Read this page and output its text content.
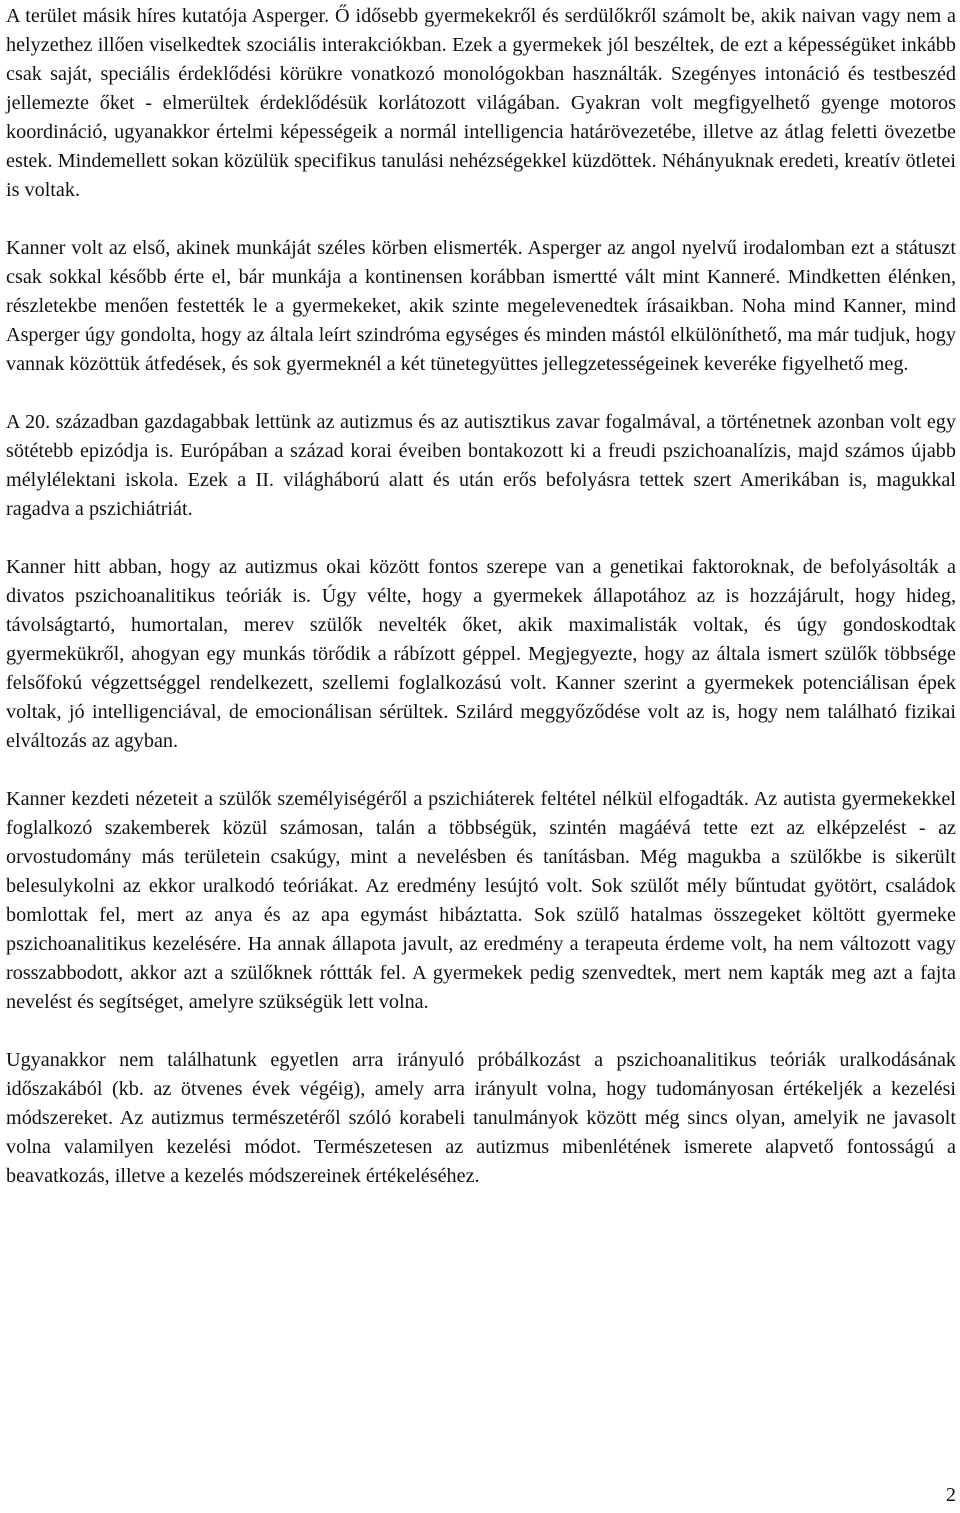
A terület másik híres kutatója Asperger. Ő idősebb gyermekekről és serdülőkről számolt be, akik naivan vagy nem a helyzethez illően viselkedtek szociális interakciókban. Ezek a gyermekek jól beszéltek, de ezt a képességüket inkább csak saját, speciális érdeklődési körükre vonatkozó monológokban használták. Szegényes intonáció és testbeszéd jellemezte őket - elmerültek érdeklődésük korlátozott világában. Gyakran volt megfigyelhető gyenge motoros koordináció, ugyanakkor értelmi képességeik a normál intelligencia határövezetébe, illetve az átlag feletti övezetbe estek. Mindemellett sokan közülük specifikus tanulási nehézségekkel küzdöttek. Néhányuknak eredeti, kreatív ötletei is voltak.

Kanner volt az első, akinek munkáját széles körben elismerték. Asperger az angol nyelvű irodalomban ezt a státuszt csak sokkal később érte el, bár munkája a kontinensen korábban ismertté vált mint Kanneré. Mindketten élénken, részletekbe menően festették le a gyermekeket, akik szinte megelevenedtek írásaikban. Noha mind Kanner, mind Asperger úgy gondolta, hogy az általa leírt szindróma egységes és minden mástól elkülöníthető, ma már tudjuk, hogy vannak közöttük átfedések, és sok gyermeknél a két tünetegyüttes jellegzetességeinek keveréke figyelhető meg.

A 20. században gazdagabbak lettünk az autizmus és az autisztikus zavar fogalmával, a történetnek azonban volt egy sötétebb epizódja is. Európában a század korai éveiben bontakozott ki a freudi pszichoanalízis, majd számos újabb mélylélektani iskola. Ezek a II. világháború alatt és után erős befolyásra tettek szert Amerikában is, magukkal ragadva a pszichiátriát.

Kanner hitt abban, hogy az autizmus okai között fontos szerepe van a genetikai faktoroknak, de befolyásolták a divatos pszichoanalitikus teóriák is. Úgy vélte, hogy a gyermekek állapotához az is hozzájárult, hogy hideg, távolságtartó, humortalan, merev szülők nevelték őket, akik maximalisták voltak, és úgy gondoskodtak gyermekükről, ahogyan egy munkás törődik a rábízott géppel. Megjegyezte, hogy az általa ismert szülők többsége felsőfokú végzettséggel rendelkezett, szellemi foglalkozású volt. Kanner szerint a gyermekek potenciálisan épek voltak, jó intelligenciával, de emocionálisan sérültek. Szilárd meggyőződése volt az is, hogy nem található fizikai elváltozás az agyban.

Kanner kezdeti nézeteit a szülők személyiségéről a pszichiáterek feltétel nélkül elfogadták. Az autista gyermekekkel foglalkozó szakemberek közül számosan, talán a többségük, szintén magáévá tette ezt az elképzelést - az orvostudomány más területein csakúgy, mint a nevelésben és tanításban. Még magukba a szülőkbe is sikerült belesulykolni az ekkor uralkodó teóriákat. Az eredmény lesújtó volt. Sok szülőt mély bűntudat gyötört, családok bomlottak fel, mert az anya és az apa egymást hibáztatta. Sok szülő hatalmas összegeket költött gyermeke pszichoanalitikus kezelésére. Ha annak állapota javult, az eredmény a terapeuta érdeme volt, ha nem változott vagy rosszabbodott, akkor azt a szülőknek róttták fel. A gyermekek pedig szenvedtek, mert nem kapták meg azt a fajta nevelést és segítséget, amelyre szükségük lett volna.

Ugyanakkor nem találhatunk egyetlen arra irányuló próbálkozást a pszichoanalitikus teóriák uralkodásának időszakából (kb. az ötvenes évek végéig), amely arra irányult volna, hogy tudományosan értékeljék a kezelési módszereket. Az autizmus természetéről szóló korabeli tanulmányok között még sincs olyan, amelyik ne javasolt volna valamilyen kezelési módot. Természetesen az autizmus mibenlétének ismerete alapvető fontosságú a beavatkozás, illetve a kezelés módszereinek értékeléséhez.

2
